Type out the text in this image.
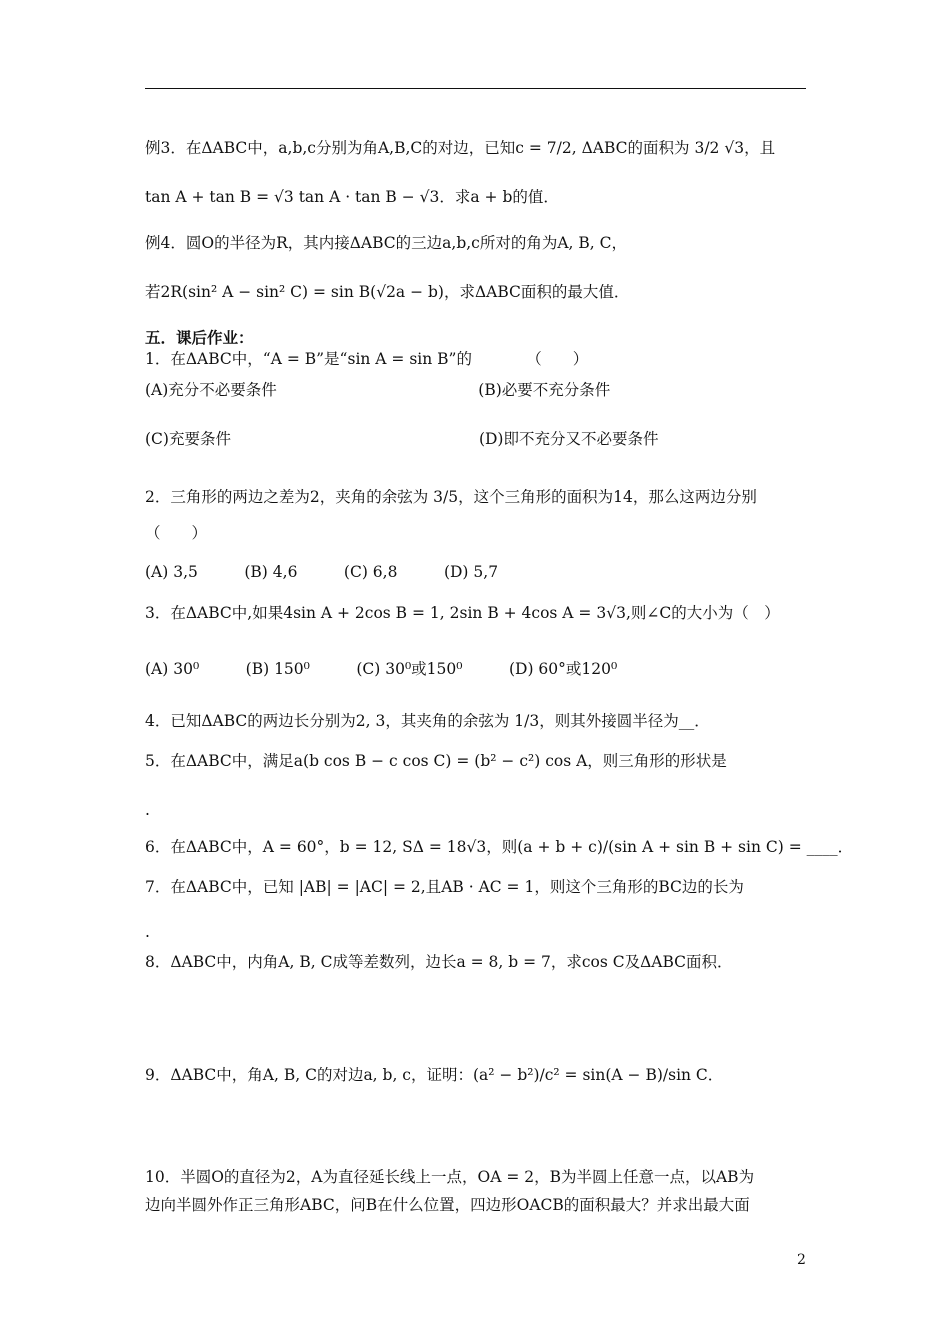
例3．在ΔABC中，a,b,c分别为角A,B,C的对边，已知c = 7/2, ΔABC的面积为 3/2 √3，且
tan A + tan B = √3 tan A · tan B − √3．求a + b的值．
例4．圆O的半径为R，其内接ΔABC的三边a,b,c所对的角为A, B, C，
若2R(sin² A − sin² C) = sin B(√2a − b)，求ΔABC面积的最大值．
五．课后作业：
1．在ΔABC中，“A = B”是“sin A = sin B”的　　　　（　　）
(A)充分不必要条件　　　　　　　　　　　　　(B)必要不充分条件
(C)充要条件　　　　　　　　　　　　　　　　(D)即不充分又不必要条件
2．三角形的两边之差为2，夹角的余弦为 3/5，这个三角形的面积为14，那么这两边分别
（　　）
(A) 3,5　　　(B) 4,6　　　(C) 6,8　　　(D) 5,7
3．在ΔABC中,如果4sin A + 2cos B = 1, 2sin B + 4cos A = 3√3,则∠C的大小为（　）
(A) 30⁰　　　(B) 150⁰　　　(C) 30⁰或150⁰　　　(D) 60°或120⁰
4．已知ΔABC的两边长分别为2, 3，其夹角的余弦为 1/3，则其外接圆半径为__．
5．在ΔABC中，满足a(b cos B − c cos C) = (b² − c²) cos A，则三角形的形状是
.
6．在ΔABC中，A = 60°，b = 12, SΔ = 18√3，则(a + b + c)/(sin A + sin B + sin C) = ____．
7．在ΔABC中，已知 |AB| = |AC| = 2,且AB · AC = 1，则这个三角形的BC边的长为
.
8．ΔABC中，内角A, B, C成等差数列，边长a = 8, b = 7，求cos C及ΔABC面积．
9．ΔABC中，角A, B, C的对边a, b, c，证明：(a² − b²)/c² = sin(A − B)/sin C．
10．半圆O的直径为2，A为直径延长线上一点，OA = 2，B为半圆上任意一点，以AB为
边向半圆外作正三角形ABC，问B在什么位置，四边形OACB的面积最大？并求出最大面
2
